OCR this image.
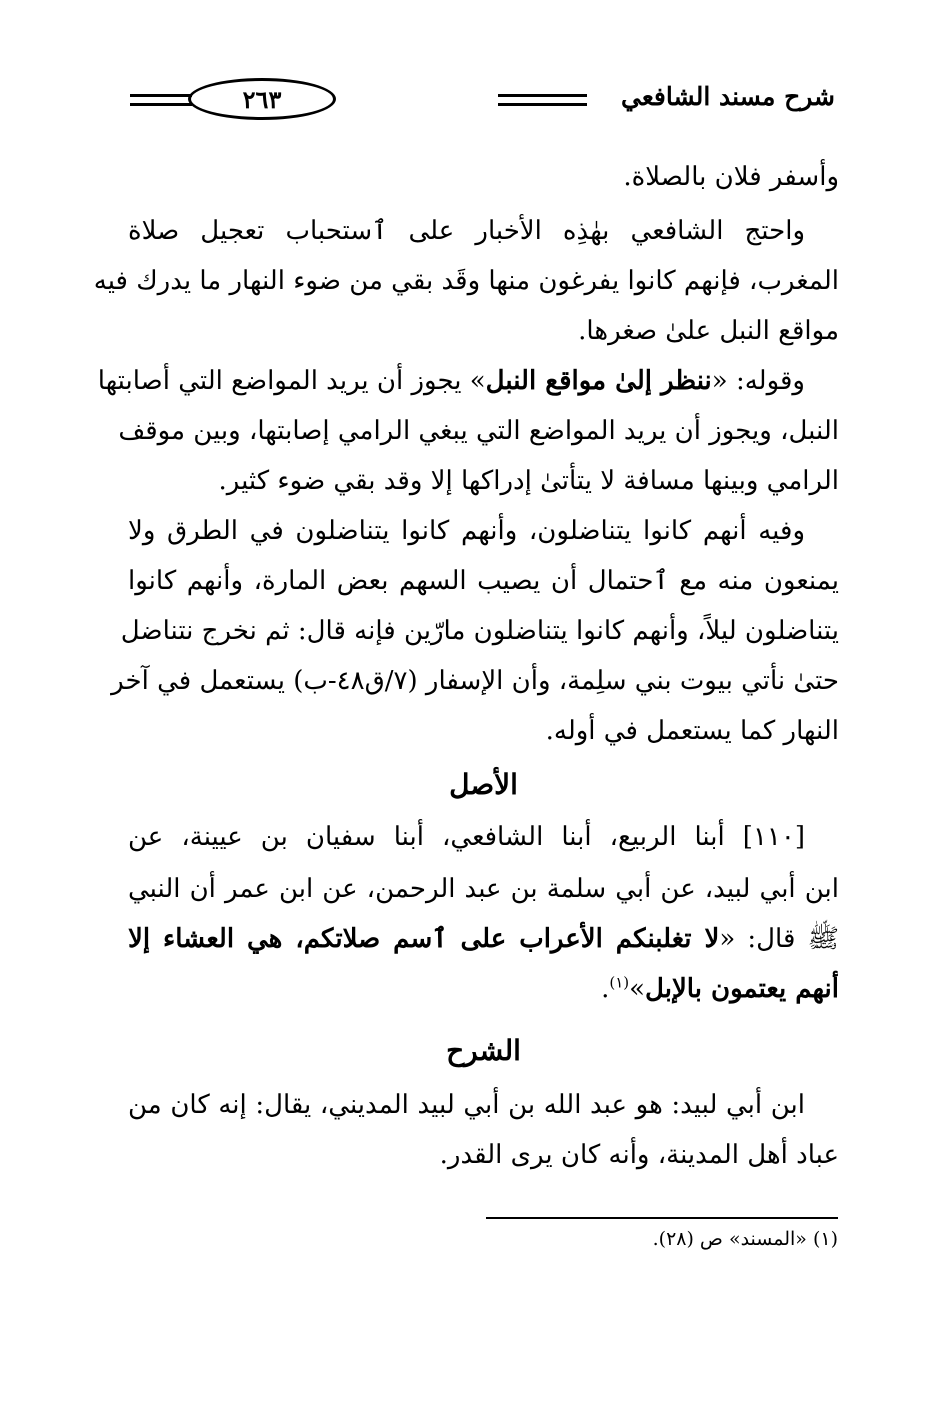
شرح مسند الشافعي
٢٦٣
وأسفر فلان بالصلاة.
واحتج الشافعي بهٰذِه الأخبار على ٱستحباب تعجيل صلاة
المغرب، فإنهم كانوا يفرغون منها وقَد بقي من ضوء النهار ما يدرك فيه
مواقع النبل علىٰ صغرها.
وقوله: «ننظر إلىٰ مواقع النبل» يجوز أن يريد المواضع التي أصابتها
النبل، ويجوز أن يريد المواضع التي يبغي الرامي إصابتها، وبين موقف
الرامي وبينها مسافة لا يتأتىٰ إدراكها إلا وقد بقي ضوء كثير.
وفيه أنهم كانوا يتناضلون، وأنهم كانوا يتناضلون في الطرق ولا
يمنعون منه مع ٱحتمال أن يصيب السهم بعض المارة، وأنهم كانوا
يتناضلون ليلاً، وأنهم كانوا يتناضلون مارّين فإنه قال: ثم نخرج نتناضل
حتىٰ نأتي بيوت بني سلِمة، وأن الإسفار (٧/ق٤٨-ب) يستعمل في آخر
النهار كما يستعمل في أوله.
الأصل
[١١٠] أبنا الربيع، أبنا الشافعي، أبنا سفيان بن عيينة، عن
ابن أبي لبيد، عن أبي سلمة بن عبد الرحمن، عن ابن عمر أن النبي
ﷺ قال: «لا تغلبنكم الأعراب على ٱسم صلاتكم، هي العشاء إلا
أنهم يعتمون بالإبل»$^{(١)}$.
الشرح
ابن أبي لبيد: هو عبد الله بن أبي لبيد المديني، يقال: إنه كان من
عباد أهل المدينة، وأنه كان يرى القدر.
(١) «المسند» ص (٢٨).
